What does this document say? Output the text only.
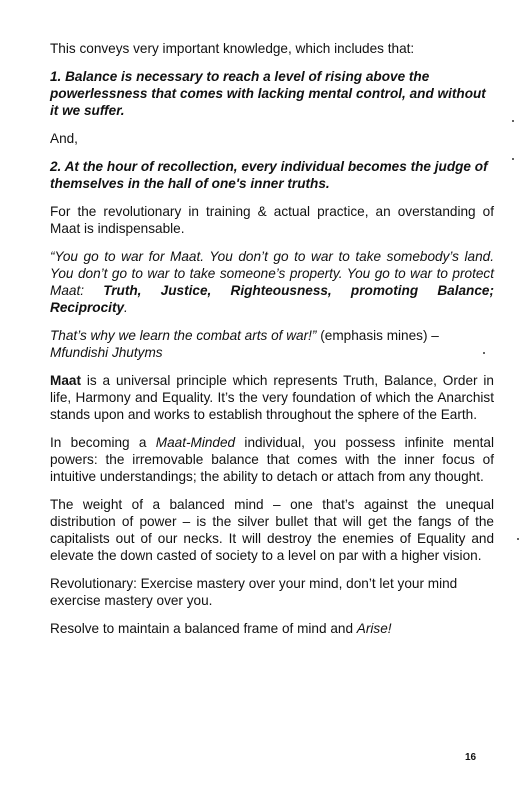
This conveys very important knowledge, which includes that:

1. Balance is necessary to reach a level of rising above the powerlessness that comes with lacking mental control, and without it we suffer.

And,

2. At the hour of recollection, every individual becomes the judge of themselves in the hall of one's inner truths.

For the revolutionary in training & actual practice, an overstanding of Maat is indispensable.

“You go to war for Maat. You don’t go to war to take somebody’s land. You don’t go to war to take someone’s property. You go to war to protect Maat: Truth, Justice, Righteousness, promoting Balance; Reciprocity.

That’s why we learn the combat arts of war!” (emphasis mines) – Mfundishi Jhutyms

Maat is a universal principle which represents Truth, Balance, Order in life, Harmony and Equality. It’s the very foundation of which the Anarchist stands upon and works to establish throughout the sphere of the Earth.

In becoming a Maat-Minded individual, you possess infinite mental powers: the irremovable balance that comes with the inner focus of intuitive understandings; the ability to detach or attach from any thought.

The weight of a balanced mind – one that’s against the unequal distribution of power – is the silver bullet that will get the fangs of the capitalists out of our necks. It will destroy the enemies of Equality and elevate the down casted of society to a level on par with a higher vision.

Revolutionary: Exercise mastery over your mind, don’t let your mind exercise mastery over you.

Resolve to maintain a balanced frame of mind and Arise!

16
